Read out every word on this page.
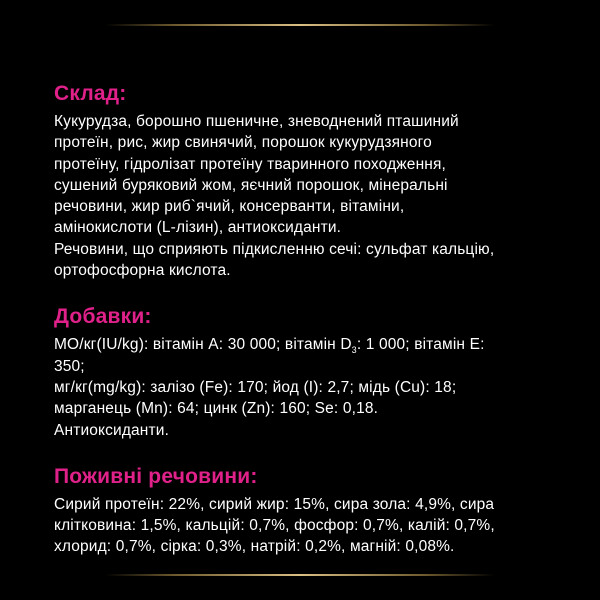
Склад:

Кукурудза, борошно пшеничне, зневоднений пташиний
протеїн, рис, жир свинячий, порошок кукурудзяного
протеїну, гідролізат протеїну тваринного походження,
сушений буряковий жом, яєчний порошок, мінеральні
речовини, жир риб`ячий, консерванти, вітаміни,
амінокислоти (L-лізин), антиоксиданти.
Речовини, що сприяють підкисленню сечі: сульфат кальцію,
ортофосфорна кислота.

Добавки:

МО/кг(IU/kg): вітамін А: 30 000; вітамін $D_3$: 1 000; вітамін Е:
350;
мг/кг(mg/kg): залізо (Fe): 170; йод (I): 2,7; мідь (Cu): 18;
марганець (Mn): 64; цинк (Zn): 160; Se: 0,18.
Антиоксиданти.

Поживні речовини:

Сирий протеїн: 22%, сирий жир: 15%, сира зола: 4,9%, сира
клітковина: 1,5%, кальцій: 0,7%, фосфор: 0,7%, калій: 0,7%,
хлорид: 0,7%, сірка: 0,3%, натрій: 0,2%, магній: 0,08%.
